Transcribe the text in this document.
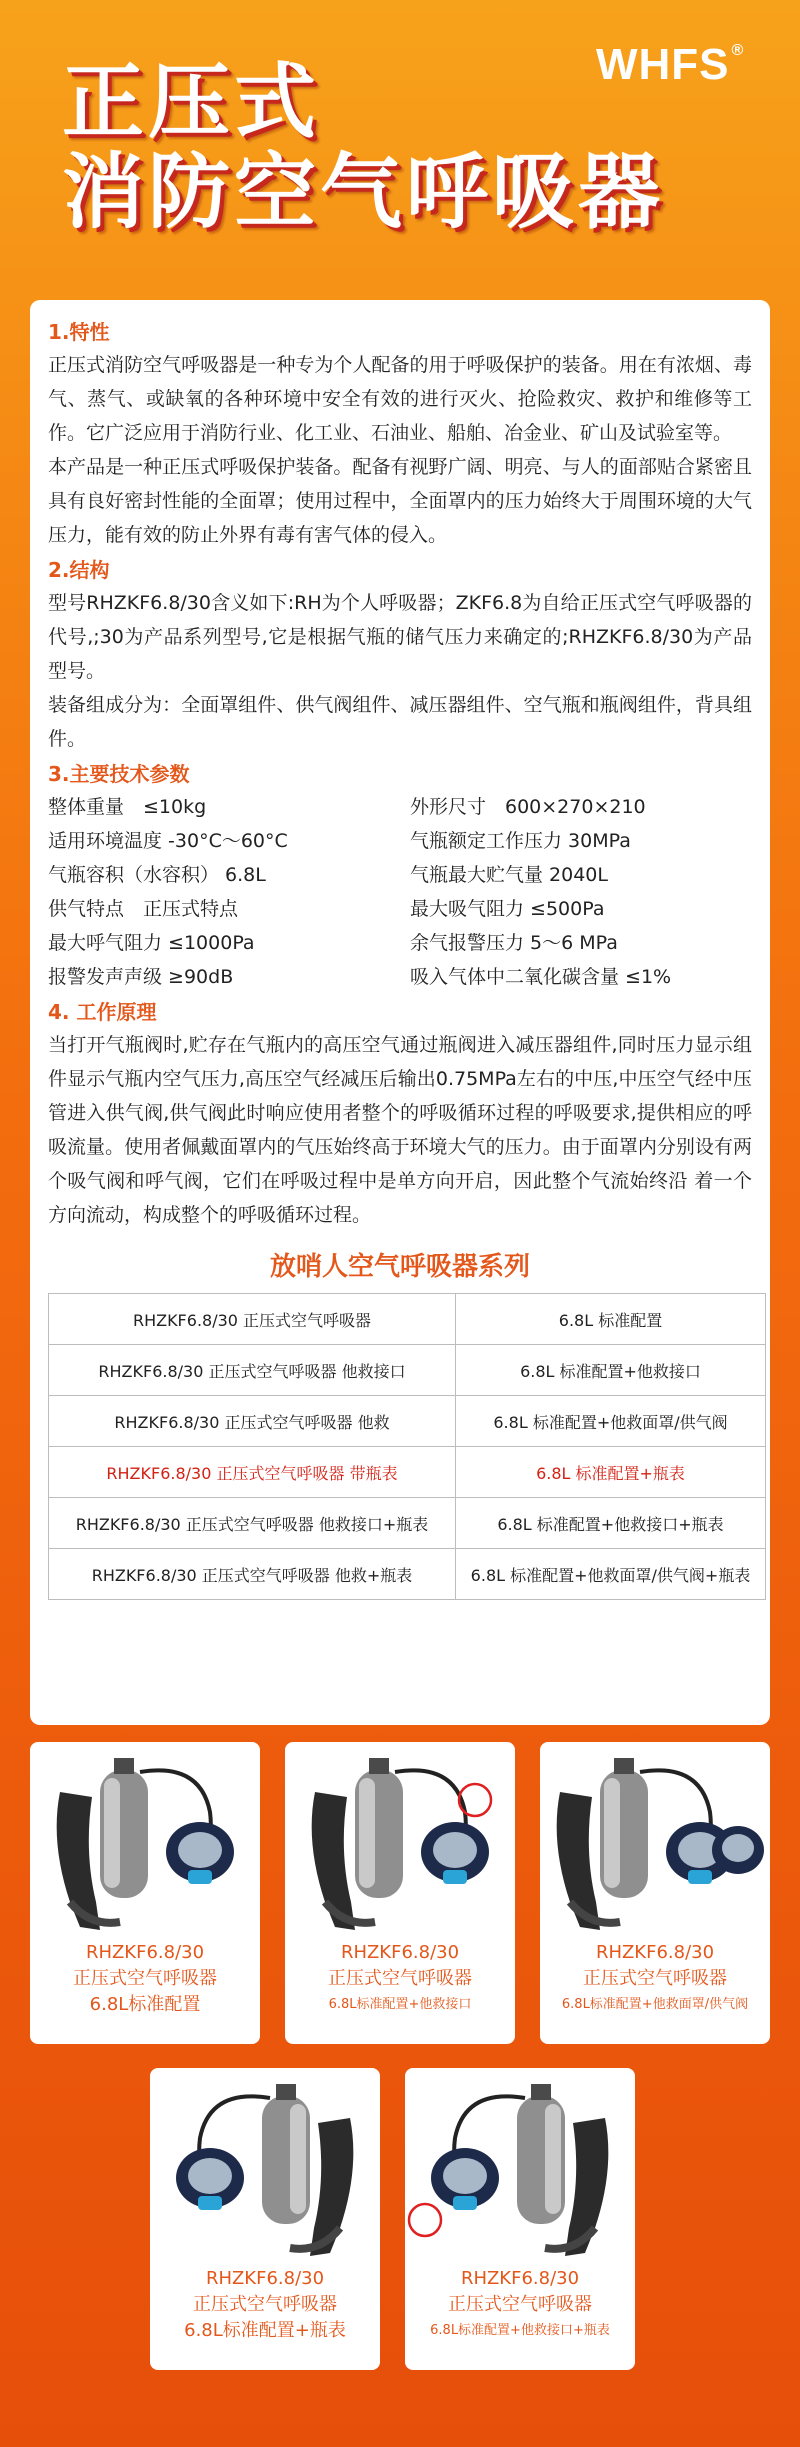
WHFS ®
正压式
消防空气呼吸器
1.特性

正压式消防空气呼吸器是一种专为个人配备的用于呼吸保护的装备。用在有浓烟、毒气、蒸气、或缺氧的各种环境中安全有效的进行灭火、抢险救灾、救护和维修等工作。它广泛应用于消防行业、化工业、石油业、船舶、冶金业、矿山及试验室等。

本产品是一种正压式呼吸保护装备。配备有视野广阔、明亮、与人的面部贴合紧密且具有良好密封性能的全面罩；使用过程中，全面罩内的压力始终大于周围环境的大气压力，能有效的防止外界有毒有害气体的侵入。

2.结构

型号RHZKF6.8/30含义如下:RH为个人呼吸器；ZKF6.8为自给正压式空气呼吸器的代号,;30为产品系列型号,它是根据气瓶的储气压力来确定的;RHZKF6.8/30为产品型号。

装备组成分为：全面罩组件、供气阀组件、减压器组件、空气瓶和瓶阀组件，背具组件。

3.主要技术参数
整体重量　≤10kg	外形尺寸　600×270×210
适用环境温度 -30°C～60°C	气瓶额定工作压力 30MPa
气瓶容积（水容积） 6.8L	气瓶最大贮气量 2040L
供气特点　正压式特点	最大吸气阻力 ≤500Pa
最大呼气阻力 ≤1000Pa	余气报警压力 5～6 MPa
报警发声声级 ≥90dB	吸入气体中二氧化碳含量 ≤1%
4. 工作原理

当打开气瓶阀时,贮存在气瓶内的高压空气通过瓶阀进入减压器组件,同时压力显示组件显示气瓶内空气压力,高压空气经减压后输出0.75MPa左右的中压,中压空气经中压管进入供气阀,供气阀此时响应使用者整个的呼吸循环过程的呼吸要求,提供相应的呼吸流量。使用者佩戴面罩内的气压始终高于环境大气的压力。由于面罩内分别设有两个吸气阀和呼气阀，它们在呼吸过程中是单方向开启，因此整个气流始终沿 着一个方向流动，构成整个的呼吸循环过程。

放哨人空气呼吸器系列
RHZKF6.8/30 正压式空气呼吸器	6.8L 标准配置
RHZKF6.8/30 正压式空气呼吸器 他救接口	6.8L 标准配置+他救接口
RHZKF6.8/30 正压式空气呼吸器 他救	6.8L 标准配置+他救面罩/供气阀
RHZKF6.8/30 正压式空气呼吸器 带瓶表	6.8L 标准配置+瓶表
RHZKF6.8/30 正压式空气呼吸器 他救接口+瓶表	6.8L 标准配置+他救接口+瓶表
RHZKF6.8/30 正压式空气呼吸器 他救+瓶表	6.8L 标准配置+他救面罩/供气阀+瓶表
RHZKF6.8/30
正压式空气呼吸器
6.8L标准配置
RHZKF6.8/30
正压式空气呼吸器
6.8L标准配置+他救接口
RHZKF6.8/30
正压式空气呼吸器
6.8L标准配置+他救面罩/供气阀
RHZKF6.8/30
正压式空气呼吸器
6.8L标准配置+瓶表
RHZKF6.8/30
正压式空气呼吸器
6.8L标准配置+他救接口+瓶表
